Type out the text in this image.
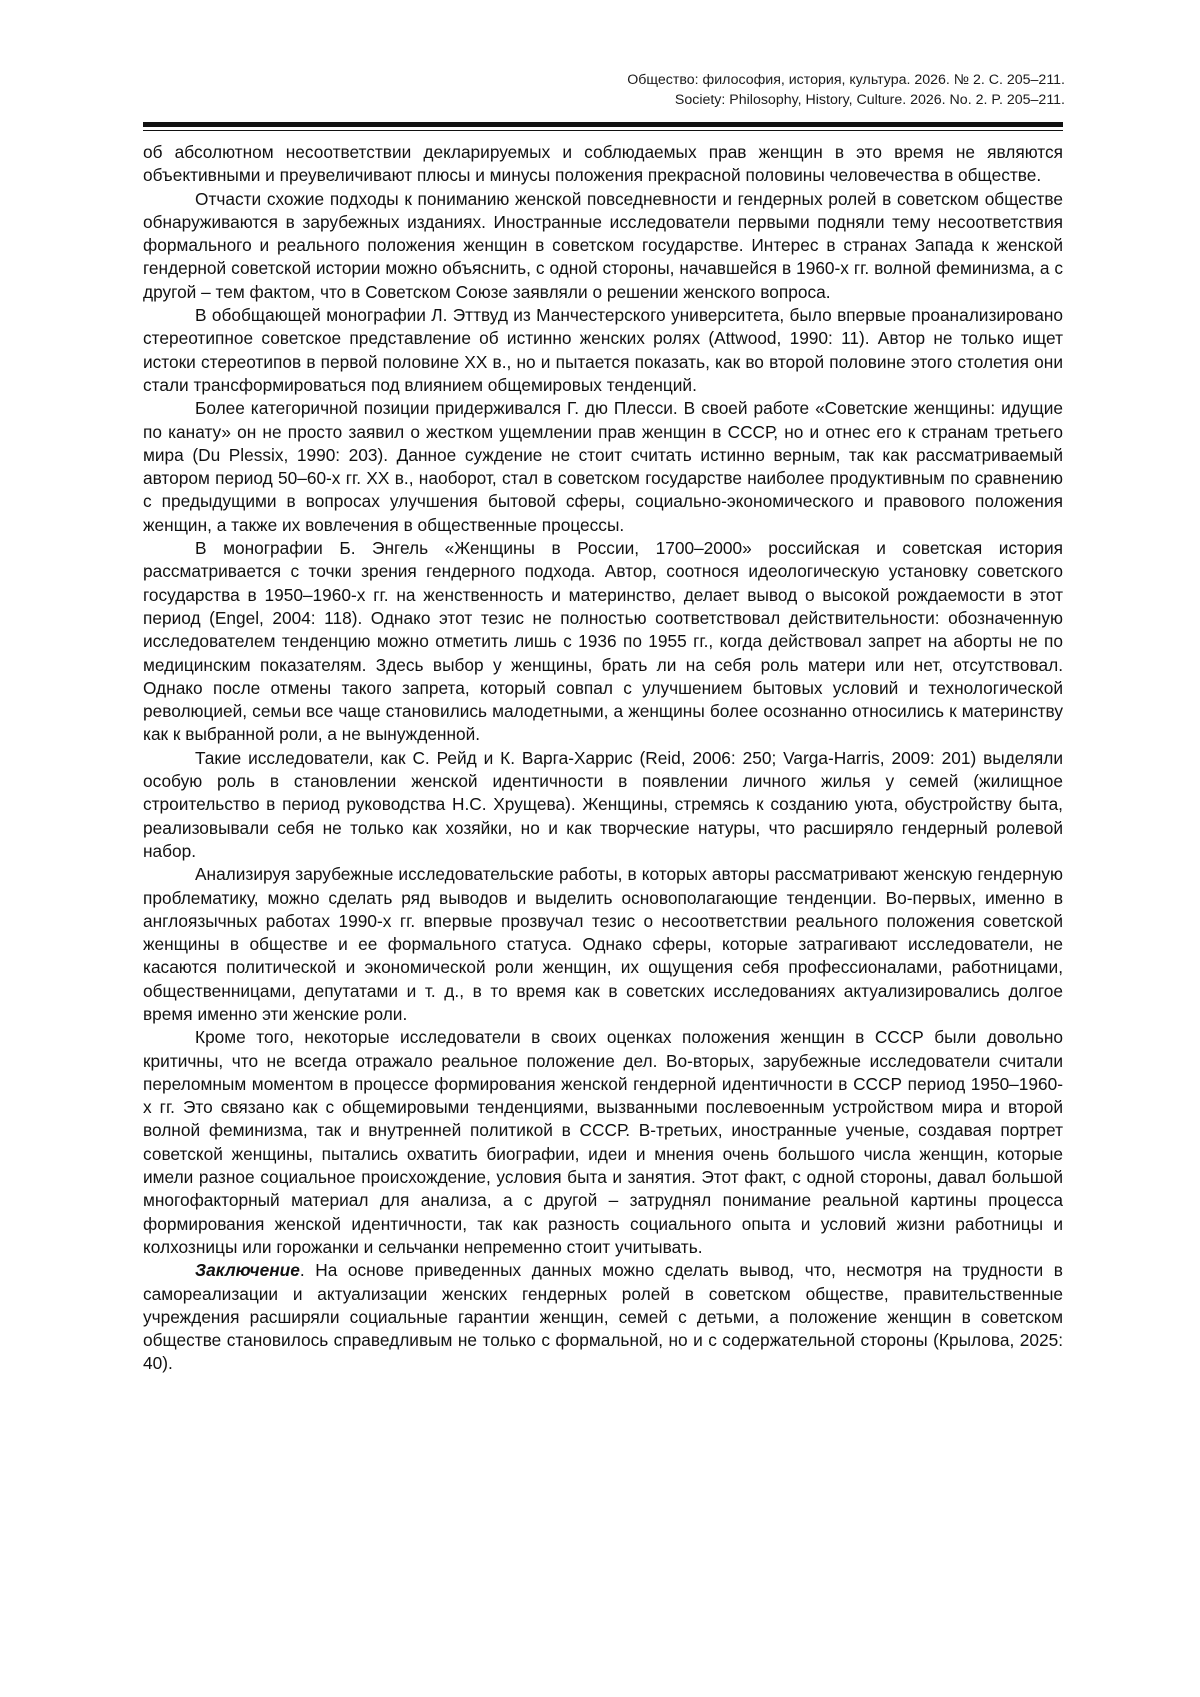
Общество: философия, история, культура. 2026. № 2. С. 205–211.
Society: Philosophy, History, Culture. 2026. No. 2. P. 205–211.

об абсолютном несоответствии декларируемых и соблюдаемых прав женщин в это время не являются объективными и преувеличивают плюсы и минусы положения прекрасной половины человечества в обществе.

Отчасти схожие подходы к пониманию женской повседневности и гендерных ролей в советском обществе обнаруживаются в зарубежных изданиях. Иностранные исследователи первыми подняли тему несоответствия формального и реального положения женщин в советском государстве. Интерес в странах Запада к женской гендерной советской истории можно объяснить, с одной стороны, начавшейся в 1960-х гг. волной феминизма, а с другой – тем фактом, что в Советском Союзе заявляли о решении женского вопроса.

В обобщающей монографии Л. Эттвуд из Манчестерского университета, было впервые проанализировано стереотипное советское представление об истинно женских ролях (Attwood, 1990: 11). Автор не только ищет истоки стереотипов в первой половине XX в., но и пытается показать, как во второй половине этого столетия они стали трансформироваться под влиянием общемировых тенденций.

Более категоричной позиции придерживался Г. дю Плесси. В своей работе «Советские женщины: идущие по канату» он не просто заявил о жестком ущемлении прав женщин в СССР, но и отнес его к странам третьего мира (Du Plessix, 1990: 203). Данное суждение не стоит считать истинно верным, так как рассматриваемый автором период 50–60-х гг. XX в., наоборот, стал в советском государстве наиболее продуктивным по сравнению с предыдущими в вопросах улучшения бытовой сферы, социально-экономического и правового положения женщин, а также их вовлечения в общественные процессы.

В монографии Б. Энгель «Женщины в России, 1700–2000» российская и советская история рассматривается с точки зрения гендерного подхода. Автор, соотнося идеологическую установку советского государства в 1950–1960-х гг. на женственность и материнство, делает вывод о высокой рождаемости в этот период (Engel, 2004: 118). Однако этот тезис не полностью соответствовал действительности: обозначенную исследователем тенденцию можно отметить лишь с 1936 по 1955 гг., когда действовал запрет на аборты не по медицинским показателям. Здесь выбор у женщины, брать ли на себя роль матери или нет, отсутствовал. Однако после отмены такого запрета, который совпал с улучшением бытовых условий и технологической революцией, семьи все чаще становились малодетными, а женщины более осознанно относились к материнству как к выбранной роли, а не вынужденной.

Такие исследователи, как С. Рейд и К. Варга-Харрис (Reid, 2006: 250; Varga-Harris, 2009: 201) выделяли особую роль в становлении женской идентичности в появлении личного жилья у семей (жилищное строительство в период руководства Н.С. Хрущева). Женщины, стремясь к созданию уюта, обустройству быта, реализовывали себя не только как хозяйки, но и как творческие натуры, что расширяло гендерный ролевой набор.

Анализируя зарубежные исследовательские работы, в которых авторы рассматривают женскую гендерную проблематику, можно сделать ряд выводов и выделить основополагающие тенденции. Во-первых, именно в англоязычных работах 1990-х гг. впервые прозвучал тезис о несоответствии реального положения советской женщины в обществе и ее формального статуса. Однако сферы, которые затрагивают исследователи, не касаются политической и экономической роли женщин, их ощущения себя профессионалами, работницами, общественницами, депутатами и т. д., в то время как в советских исследованиях актуализировались долгое время именно эти женские роли.

Кроме того, некоторые исследователи в своих оценках положения женщин в СССР были довольно критичны, что не всегда отражало реальное положение дел. Во-вторых, зарубежные исследователи считали переломным моментом в процессе формирования женской гендерной идентичности в СССР период 1950–1960-х гг. Это связано как с общемировыми тенденциями, вызванными послевоенным устройством мира и второй волной феминизма, так и внутренней политикой в СССР. В-третьих, иностранные ученые, создавая портрет советской женщины, пытались охватить биографии, идеи и мнения очень большого числа женщин, которые имели разное социальное происхождение, условия быта и занятия. Этот факт, с одной стороны, давал большой многофакторный материал для анализа, а с другой – затруднял понимание реальной картины процесса формирования женской идентичности, так как разность социального опыта и условий жизни работницы и колхозницы или горожанки и сельчанки непременно стоит учитывать.

Заключение. На основе приведенных данных можно сделать вывод, что, несмотря на трудности в самореализации и актуализации женских гендерных ролей в советском обществе, правительственные учреждения расширяли социальные гарантии женщин, семей с детьми, а положение женщин в советском обществе становилось справедливым не только с формальной, но и с содержательной стороны (Крылова, 2025: 40).
